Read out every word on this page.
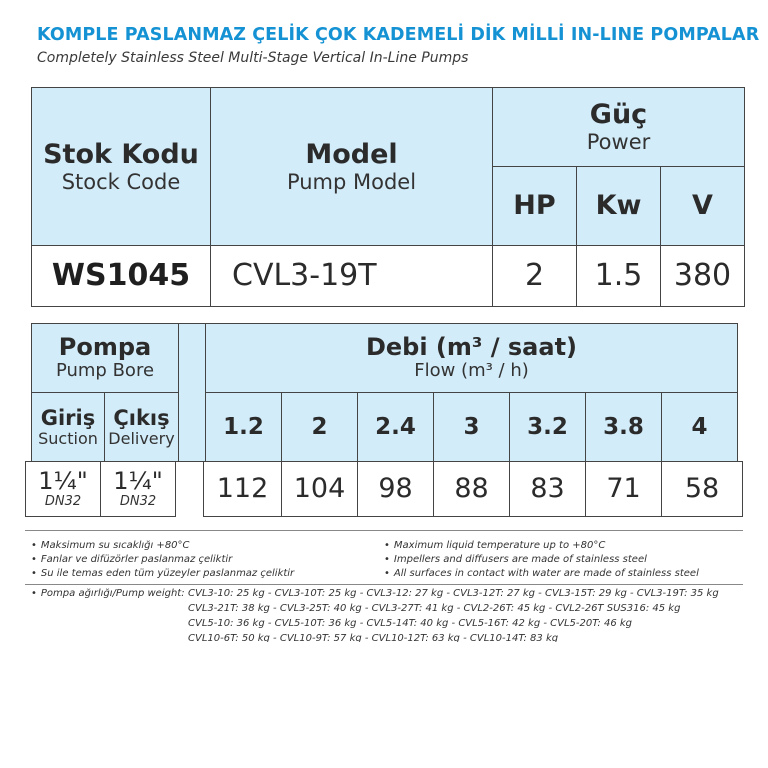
KOMPLE PASLANMAZ ÇELİK ÇOK KADEMELİ DİK MİLLİ IN-LINE POMPALAR
Completely Stainless Steel Multi-Stage Vertical In-Line Pumps
Stok Kodu
Stock Code
Model
Pump Model
Güç
Power
HP Kw V
WS1045 CVL3-19T	2 1.5 380
Pompa
Pump Bore
Giriş
Suction
Çıkış
Delivery
1¼"
DN32
1¼"
DN32
Debi (m³ / saat)
Flow (m³ / h)
1.2 2 2.4 3 3.2 3.8 4
112 104 98 88 83 71 58
• Maksimum su sıcaklığı +80°C
• Fanlar ve difüzörler paslanmaz çeliktir
• Su ile temas eden tüm yüzeyler paslanmaz çeliktir
• Maximum liquid temperature up to +80°C
• Impellers and diffusers are made of stainless steel
• All surfaces in contact with water are made of stainless steel
• Pompa ağırlığı/Pump weight: CVL3-10: 25 kg - CVL3-10T: 25 kg - CVL3-12: 27 kg - CVL3-12T: 27 kg - CVL3-15T: 29 kg - CVL3-19T: 35 kg
CVL3-21T: 38 kg - CVL3-25T: 40 kg - CVL3-27T: 41 kg - CVL2-26T: 45 kg - CVL2-26T SUS316: 45 kg
CVL5-10: 36 kg - CVL5-10T: 36 kg - CVL5-14T: 40 kg - CVL5-16T: 42 kg - CVL5-20T: 46 kg
CVL10-6T: 50 kg - CVL10-9T: 57 kg - CVL10-12T: 63 kg - CVL10-14T: 83 kg
